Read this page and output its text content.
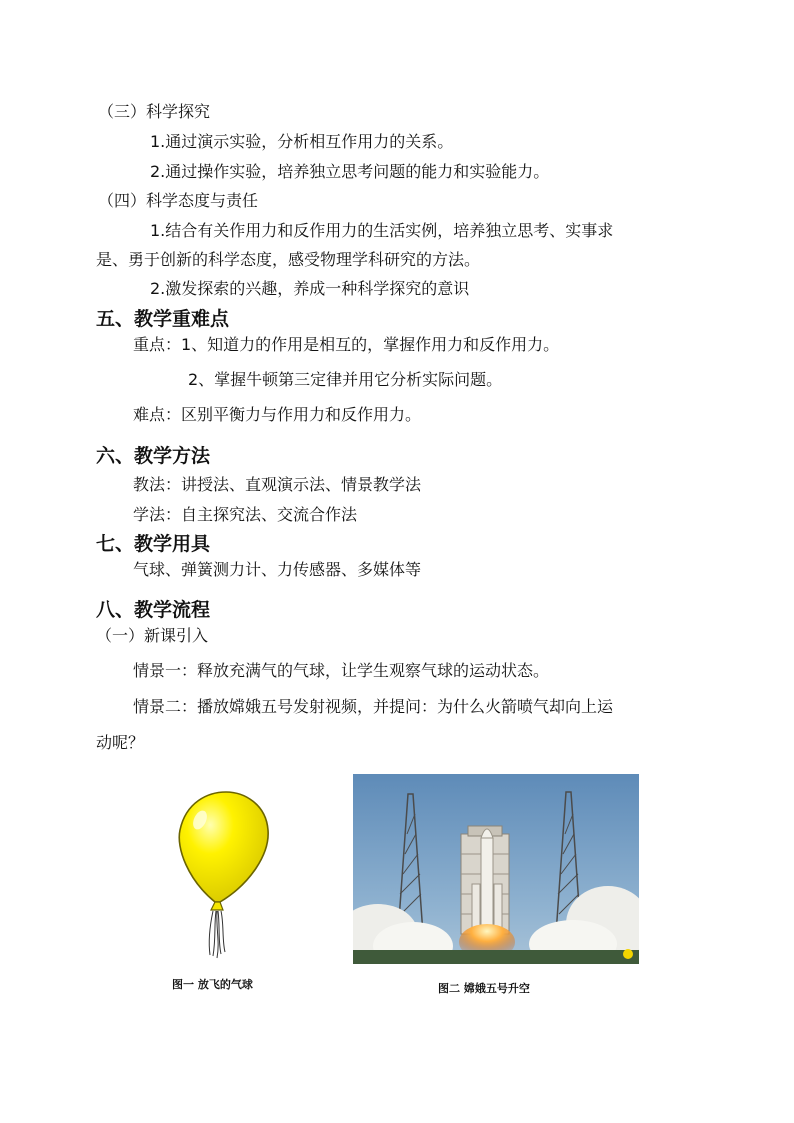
（三）科学探究
1.通过演示实验，分析相互作用力的关系。
2.通过操作实验，培养独立思考问题的能力和实验能力。
（四）科学态度与责任
1.结合有关作用力和反作用力的生活实例，培养独立思考、实事求
是、勇于创新的科学态度，感受物理学科研究的方法。
2.激发探索的兴趣，养成一种科学探究的意识
五、教学重难点
重点：1、知道力的作用是相互的，掌握作用力和反作用力。
2、掌握牛顿第三定律并用它分析实际问题。
难点：区别平衡力与作用力和反作用力。
六、教学方法
教法：讲授法、直观演示法、情景教学法
学法：自主探究法、交流合作法
七、教学用具
气球、弹簧测力计、力传感器、多媒体等
八、教学流程
（一）新课引入
情景一：释放充满气的气球，让学生观察气球的运动状态。
情景二：播放嫦娥五号发射视频，并提问：为什么火箭喷气却向上运
动呢？
图一 放飞的气球	图二 嫦娥五号升空
